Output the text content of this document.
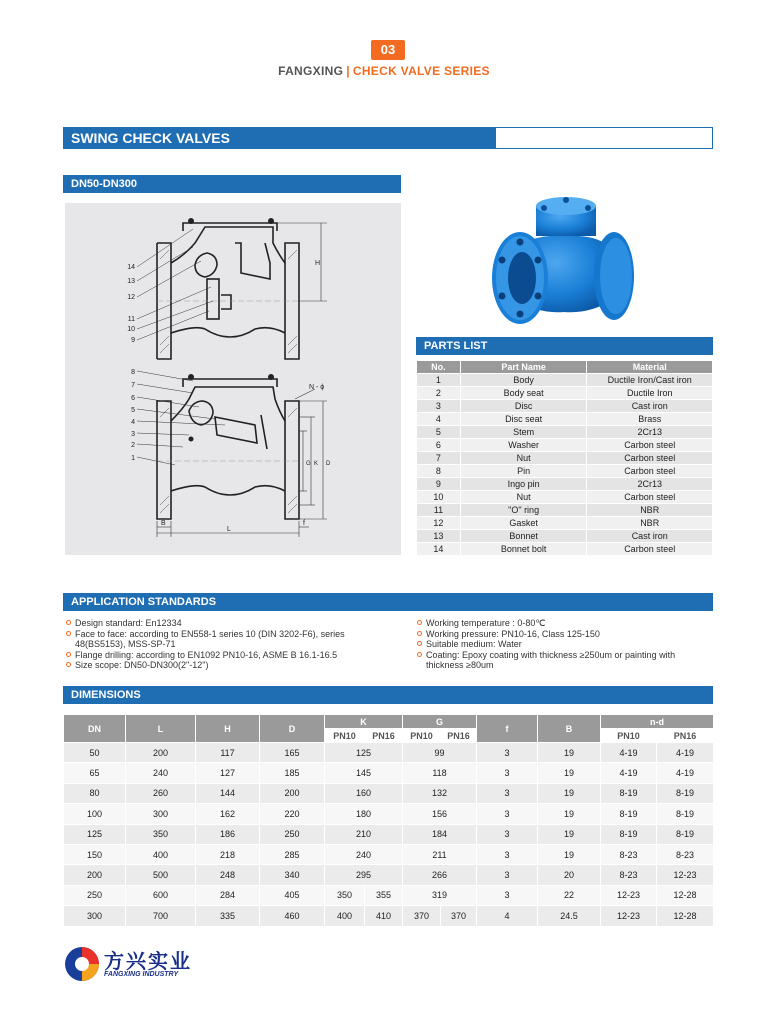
03
FANGXING | CHECK VALVE SERIES
SWING CHECK VALVES
DN50-DN300
H
14
13
12
11
10
9
N - ϕ
G K D
B
L
f
8
7
6
5
4
3
2
1
PARTS LIST
No.	Part Name	Material
1	Body	Ductile Iron/Cast iron
2	Body seat	Ductile Iron
3	Disc	Cast iron
4	Disc seat	Brass
5	Stem	2Cr13
6	Washer	Carbon steel
7	Nut	Carbon steel
8	Pin	Carbon steel
9	Ingo pin	2Cr13
10	Nut	Carbon steel
11	"O" ring	NBR
12	Gasket	NBR
13	Bonnet	Cast iron
14	Bonnet bolt	Carbon steel
APPLICATION STANDARDS
Design standard: En12334
Face to face: according to EN558-1 series 10 (DIN 3202-F6), series 48(BS5153), MSS-SP-71
Flange drilling: according to EN1092 PN10-16, ASME B 16.1-16.5
Size scope: DN50-DN300(2"-12")
Working temperature : 0-80℃
Working pressure: PN10-16, Class 125-150
Suitable medium: Water
Coating: Epoxy coating with thickness ≥250um or painting with thickness ≥80um
DIMENSIONS
DN	L	H	D	K		G		f	B	n-d	
				PN10	PN16	PN10	PN16			PN10	PN16
50	200	117	165	125		99		3	19	4-19	4-19
65	240	127	185	145		118		3	19	4-19	4-19
80	260	144	200	160		132		3	19	8-19	8-19
100	300	162	220	180		156		3	19	8-19	8-19
125	350	186	250	210		184		3	19	8-19	8-19
150	400	218	285	240		211		3	19	8-23	8-23
200	500	248	340	295		266		3	20	8-23	12-23
250	600	284	405	350	355	319		3	22	12-23	12-28
300	700	335	460	400	410	370	370	4	24.5	12-23	12-28
方兴实业
FANGXING INDUSTRY
